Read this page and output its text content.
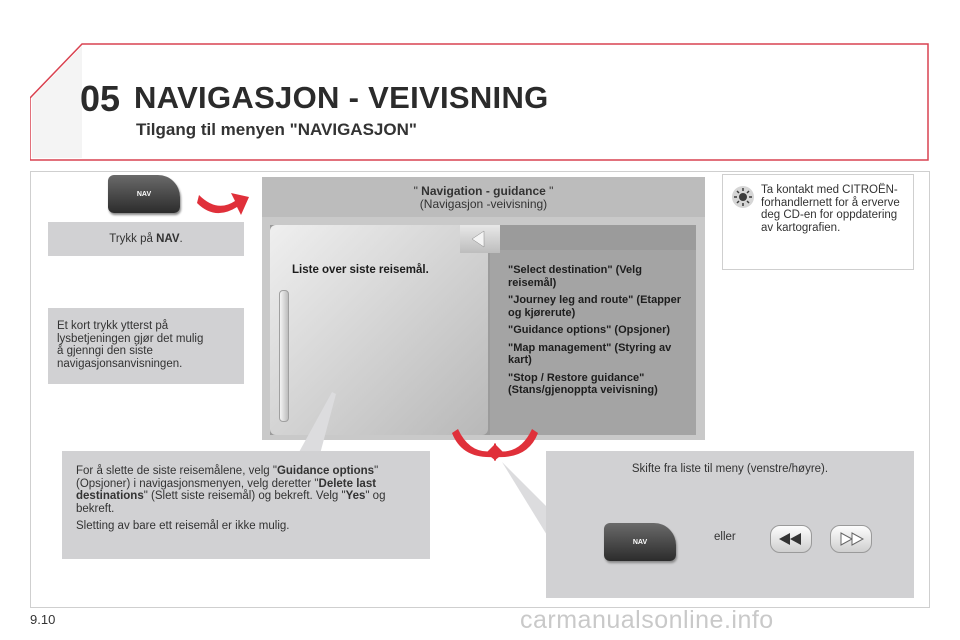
05 NAVIGASJON - VEIVISNING
Tilgang til menyen "NAVIGASJON"
NAV
Trykk på NAV.
Et kort trykk ytterst på lysbetjeningen gjør det mulig å gjenngi den siste navigasjonsanvisningen.
" Navigation - guidance "
(Navigasjon -veivisning)
Liste over siste reisemål.	"Select destination" (Velg reisemål)
"Journey leg and route" (Etapper og kjørerute)
"Guidance options" (Opsjoner)
"Map management" (Styring av kart)
"Stop / Restore guidance" (Stans/gjenoppta veivisning)
Ta kontakt med CITROËN-forhandlernett for å erverve deg CD-en for oppdatering av kartografien.
For å slette de siste reisemålene, velg "Guidance options" (Opsjoner) i navigasjonsmenyen, velg deretter "Delete last destinations" (Slett siste reisemål) og bekreft. Velg "Yes" og bekreft.
Sletting av bare ett reisemål er ikke mulig.
Skifte fra liste til meny (venstre/høyre).
NAV	eller
9.10	carmanualsonline.info
